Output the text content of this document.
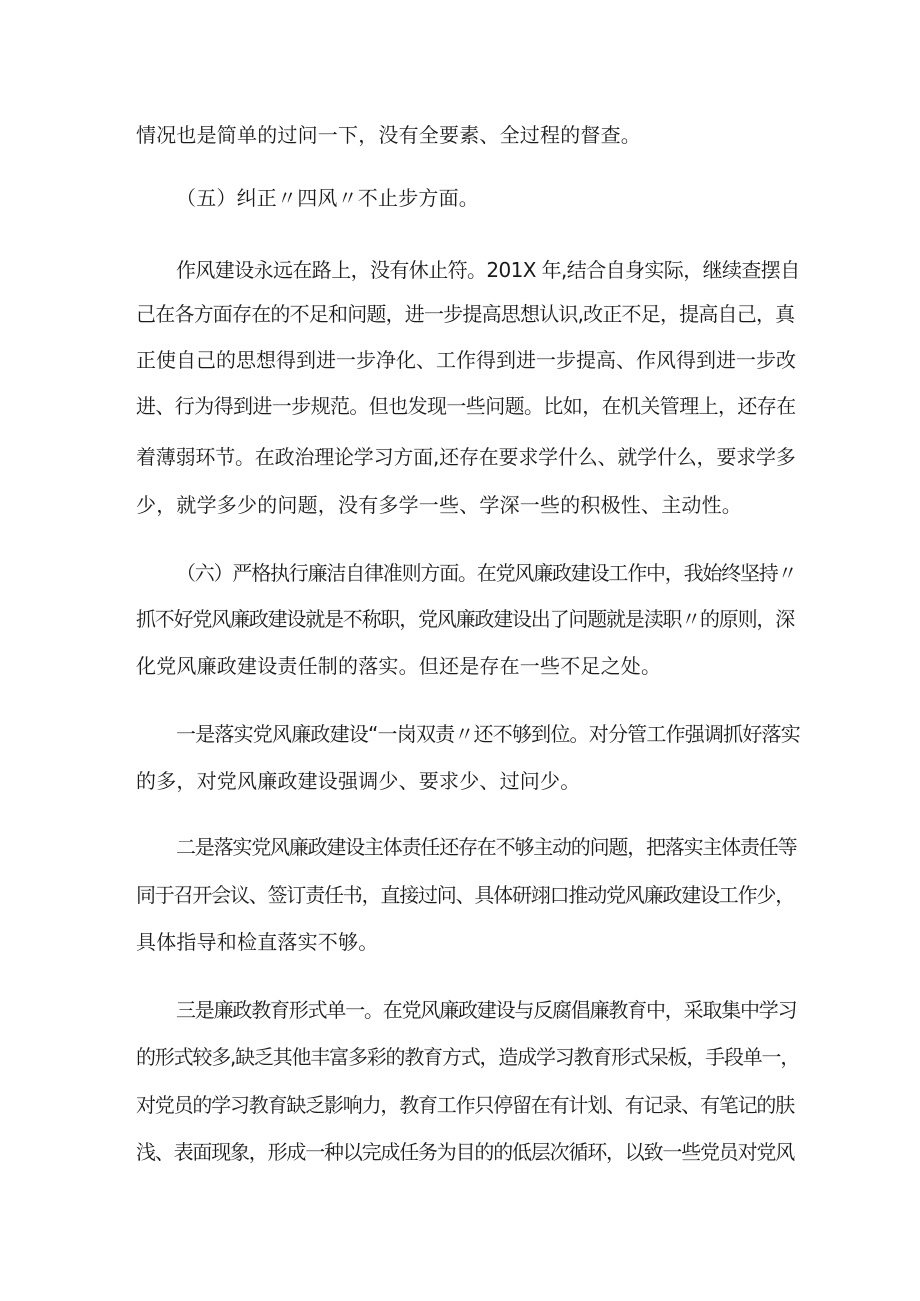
情况也是简单的过问一下，没有全要素、全过程的督查。
（五）纠正〃四风〃不止步方面。
作风建设永远在路上，没有休止符。201X 年,结合自身实际，继续查摆自
己在各方面存在的不足和问题，进一步提高思想认识,改正不足，提高自己，真
正使自己的思想得到进一步净化、工作得到进一步提高、作风得到进一步改
进、行为得到进一步规范。但也发现一些问题。比如，在机关管理上，还存在
着薄弱环节。在政治理论学习方面,还存在要求学什么、就学什么，要求学多
少，就学多少的问题，没有多学一些、学深一些的积极性、主动性。
（六）严格执行廉洁自律准则方面。在党风廉政建设工作中，我始终坚持〃
抓不好党风廉政建设就是不称职，党风廉政建设出了问题就是渎职〃的原则，深
化党风廉政建设责任制的落实。但还是存在一些不足之处。
一是落实党风廉政建设“一岗双责〃还不够到位。对分管工作强调抓好落实
的多，对党风廉政建设强调少、要求少、过问少。
二是落实党风廉政建设主体责任还存在不够主动的问题，把落实主体责任等
同于召开会议、签订责任书，直接过问、具体研翊口推动党风廉政建设工作少，
具体指导和检直落实不够。
三是廉政教育形式单一。在党风廉政建设与反腐倡廉教育中，采取集中学习
的形式较多,缺乏其他丰富多彩的教育方式，造成学习教育形式呆板，手段单一，
对党员的学习教育缺乏影响力，教育工作只停留在有计划、有记录、有笔记的肤
浅、表面现象，形成一种以完成任务为目的的低层次循环，以致一些党员对党风
